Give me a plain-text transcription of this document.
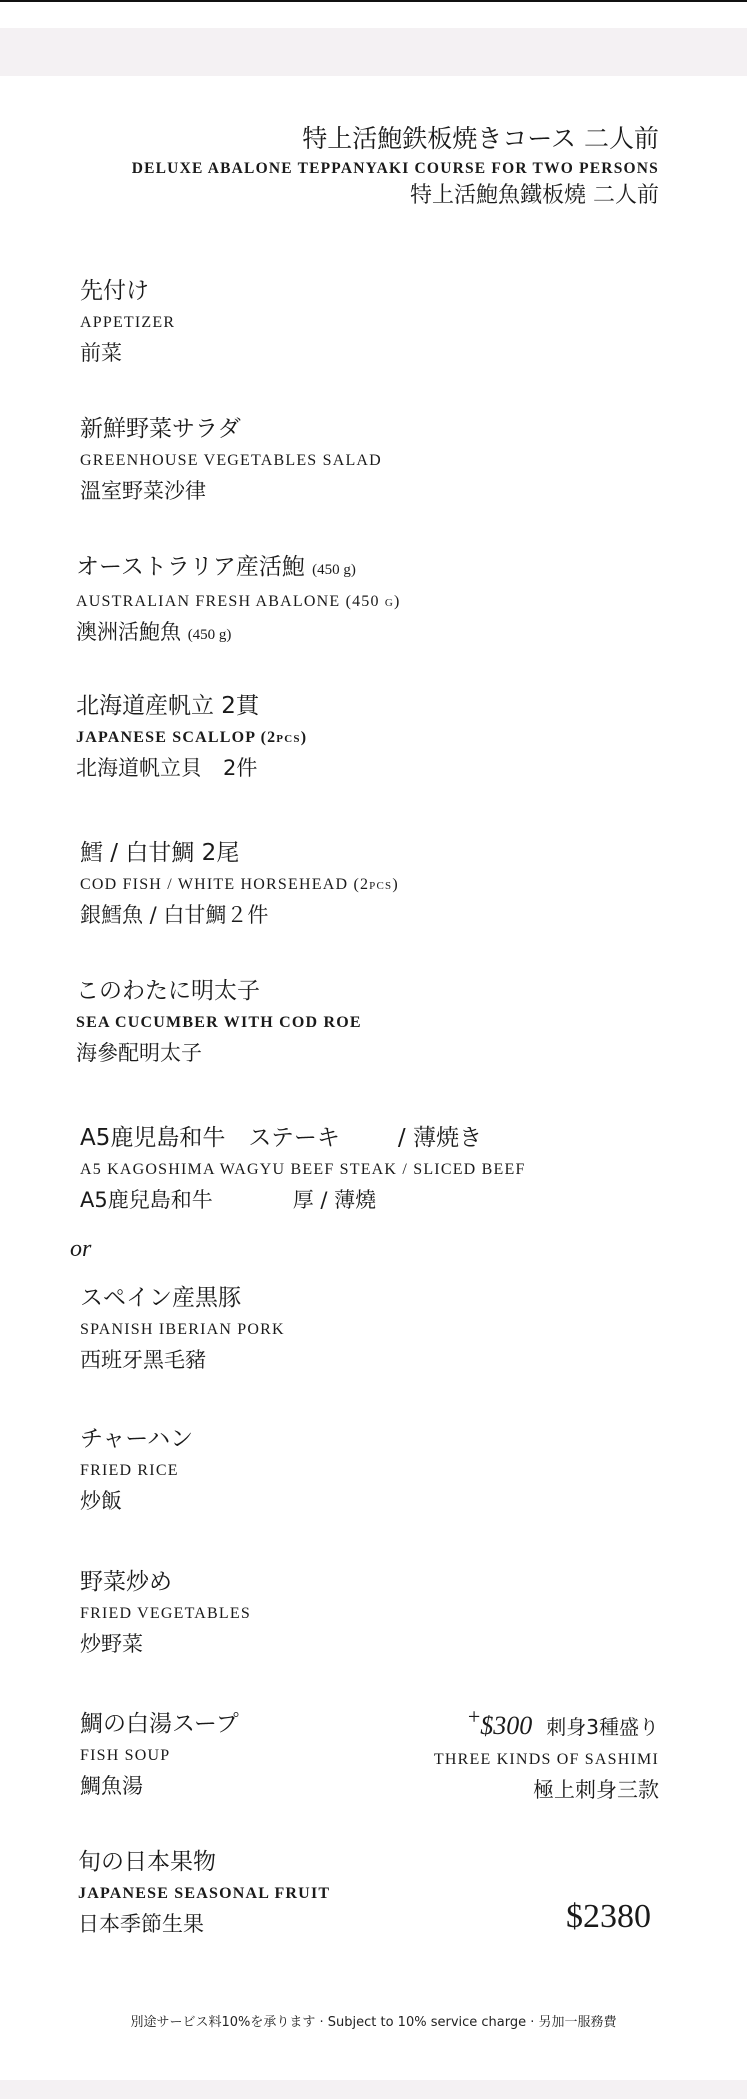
特上活鮑鉄板焼きコース 二人前
DELUXE ABALONE TEPPANYAKI COURSE FOR TWO PERSONS
特上活鮑魚鐵板燒 二人前
先付け
APPETIZER
前菜
新鮮野菜サラダ
GREENHOUSE VEGETABLES SALAD
溫室野菜沙律
オーストラリア産活鮑 (450 g)
AUSTRALIAN FRESH ABALONE (450 g)
澳洲活鮑魚 (450 g)
北海道産帆立 2貫
JAPANESE SCALLOP (2pcs)
北海道帆立貝　2件
鱈 / 白甘鯛 2尾
COD FISH / WHITE HORSEHEAD (2pcs)
銀鱈魚 / 白甘鯛２件
このわたに明太子
SEA CUCUMBER WITH COD ROE
海參配明太子
A5鹿児島和牛　ステーキ	/ 薄焼き
A5 KAGOSHIMA WAGYU BEEF STEAK / SLICED BEEF
A5鹿兒島和牛	厚 / 薄燒
or
スペイン産黒豚
SPANISH IBERIAN PORK
西班牙黑毛豬
チャーハン
FRIED RICE
炒飯
野菜炒め
FRIED VEGETABLES
炒野菜
鯛の白湯スープ
FISH SOUP
鯛魚湯
+$300 刺身3種盛り
THREE KINDS OF SASHIMI
極上刺身三款
旬の日本果物
JAPANESE SEASONAL FRUIT
日本季節生果	$2380
別途サービス料10%を承ります · Subject to 10% service charge · 另加一服務費
